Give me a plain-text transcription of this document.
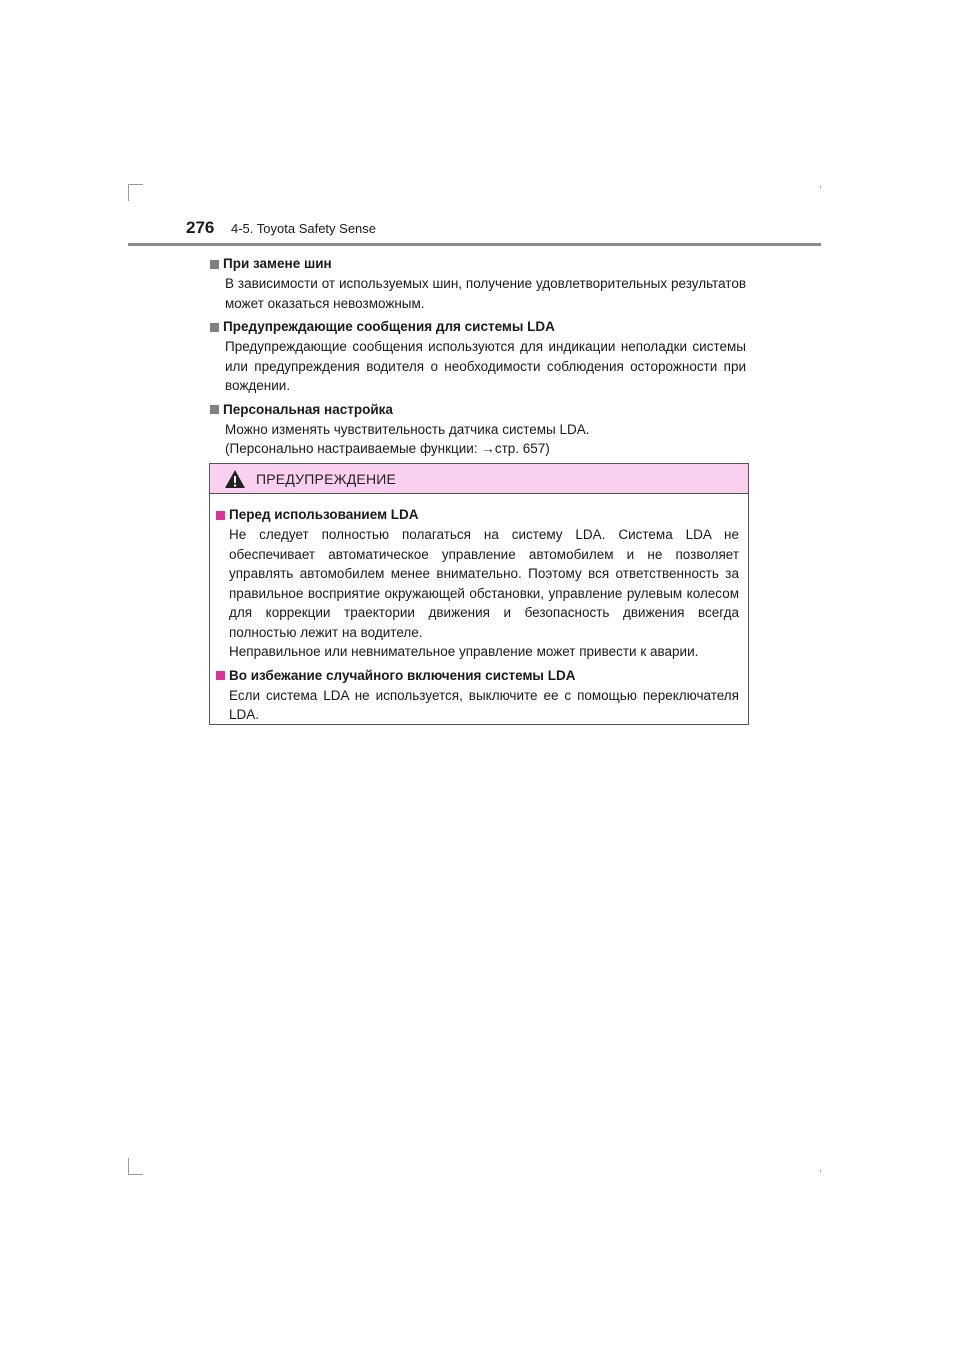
276 4-5. Toyota Safety Sense
При замене шин
В зависимости от используемых шин, получение удовлетворительных результатов может оказаться невозможным.
Предупреждающие сообщения для системы LDA
Предупреждающие сообщения используются для индикации неполадки системы или предупреждения водителя о необходимости соблюдения осторожности при вождении.
Персональная настройка
Можно изменять чувствительность датчика системы LDA.
(Персонально настраиваемые функции: →стр. 657)
ПРЕДУПРЕЖДЕНИЕ
Перед использованием LDA
Не следует полностью полагаться на систему LDA. Система LDA не обеспечивает автоматическое управление автомобилем и не позволяет управлять автомобилем менее внимательно. Поэтому вся ответственность за правильное восприятие окружающей обстановки, управление рулевым колесом для коррекции траектории движения и безопасность движения всегда полностью лежит на водителе.
Неправильное или невнимательное управление может привести к аварии.
Во избежание случайного включения системы LDA
Если система LDA не используется, выключите ее с помощью переключателя LDA.
